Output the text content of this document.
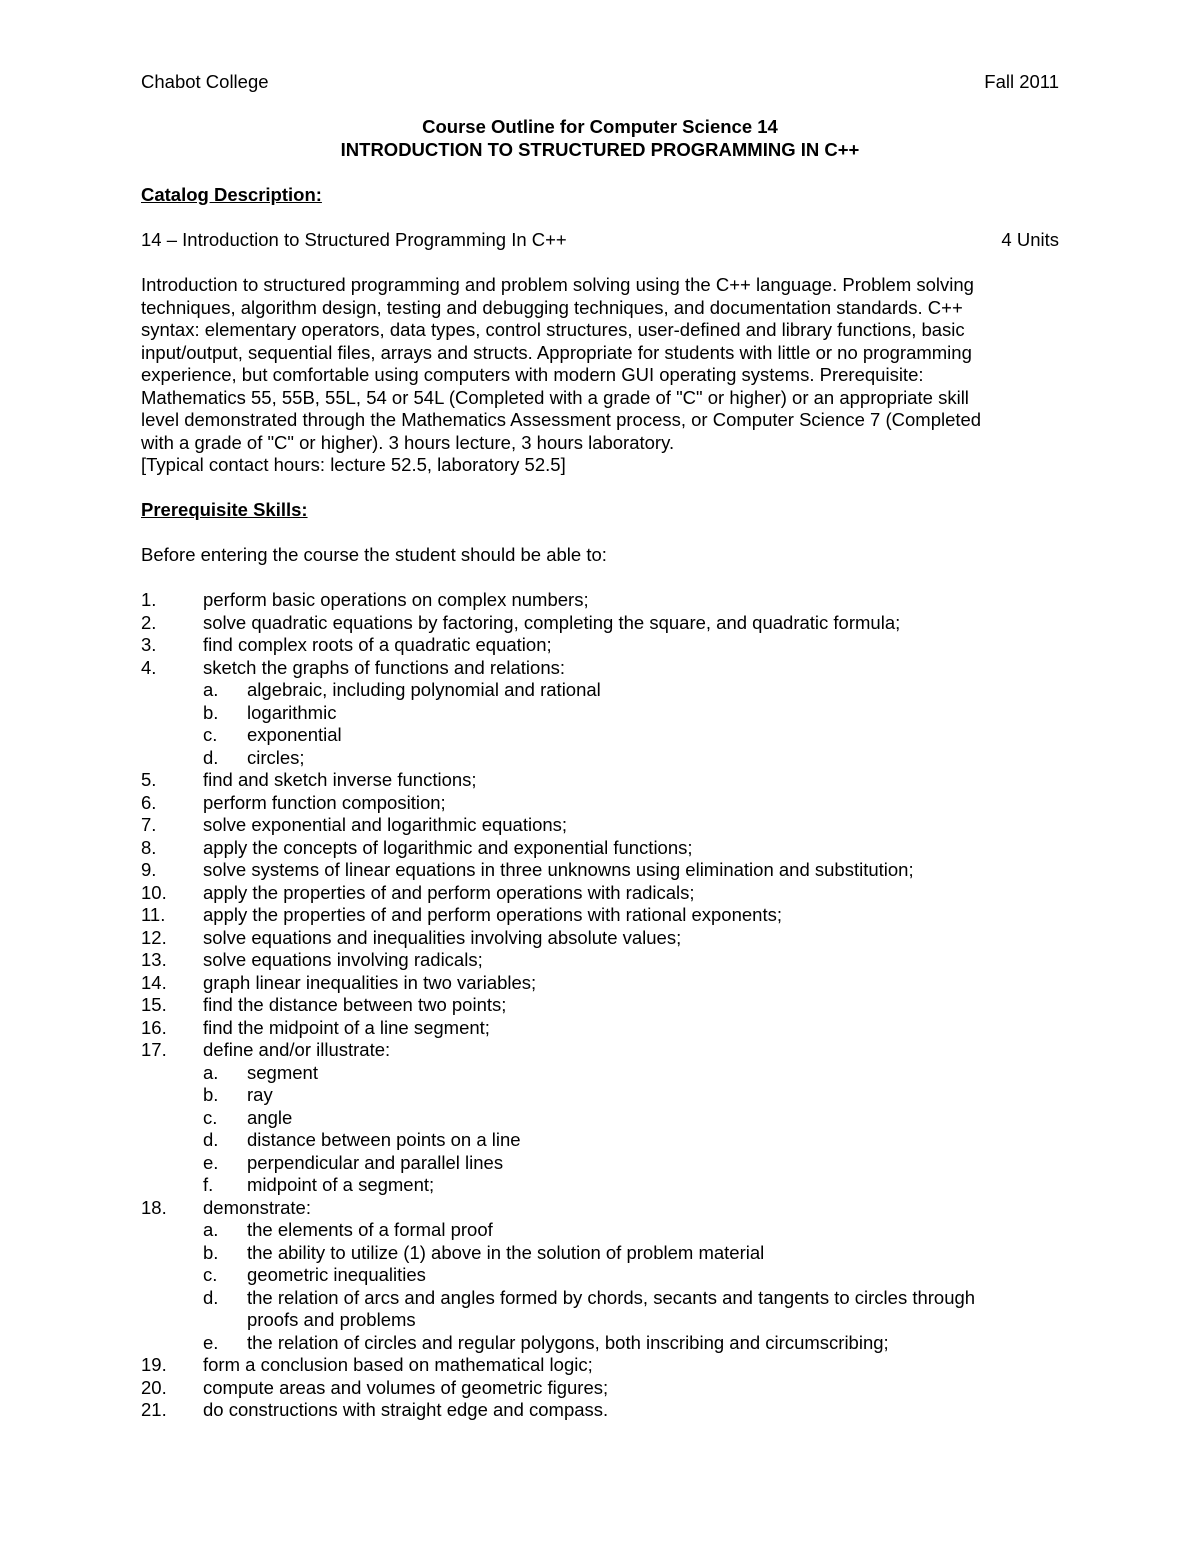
Chabot College	Fall 2011
Course Outline for Computer Science 14
INTRODUCTION TO STRUCTURED PROGRAMMING IN C++
Catalog Description:
14 – Introduction to Structured Programming In C++	4 Units

Introduction to structured programming and problem solving using the C++ language. Problem solving

techniques, algorithm design, testing and debugging techniques, and documentation standards. C++

syntax: elementary operators, data types, control structures, user-defined and library functions, basic

input/output, sequential files, arrays and structs. Appropriate for students with little or no programming

experience, but comfortable using computers with modern GUI operating systems. Prerequisite:

Mathematics 55, 55B, 55L, 54 or 54L (Completed with a grade of "C" or higher) or an appropriate skill

level demonstrated through the Mathematics Assessment process, or Computer Science 7 (Completed

with a grade of "C" or higher). 3 hours lecture, 3 hours laboratory.

[Typical contact hours: lecture 52.5, laboratory 52.5]

Prerequisite Skills:
Before entering the course the student should be able to:
1.	perform basic operations on complex numbers;
2.	solve quadratic equations by factoring, completing the square, and quadratic formula;
3.	find complex roots of a quadratic equation;
4.	sketch the graphs of functions and relations:
a. algebraic, including polynomial and rational
b. logarithmic
c. exponential
d. circles;
5.	find and sketch inverse functions;
6.	perform function composition;
7.	solve exponential and logarithmic equations;
8.	apply the concepts of logarithmic and exponential functions;
9.	solve systems of linear equations in three unknowns using elimination and substitution;
10. apply the properties of and perform operations with radicals;
11. apply the properties of and perform operations with rational exponents;
12. solve equations and inequalities involving absolute values;
13. solve equations involving radicals;
14. graph linear inequalities in two variables;
15. find the distance between two points;
16. find the midpoint of a line segment;
17. define and/or illustrate:
a. segment
b. ray
c. angle
d. distance between points on a line
e. perpendicular and parallel lines
f. midpoint of a segment;
18. demonstrate:
a. the elements of a formal proof
b. the ability to utilize (1) above in the solution of problem material
c. geometric inequalities
d. the relation of arcs and angles formed by chords, secants and tangents to circles through
proofs and problems
e. the relation of circles and regular polygons, both inscribing and circumscribing;
19. form a conclusion based on mathematical logic;
20. compute areas and volumes of geometric figures;
21. do constructions with straight edge and compass.
